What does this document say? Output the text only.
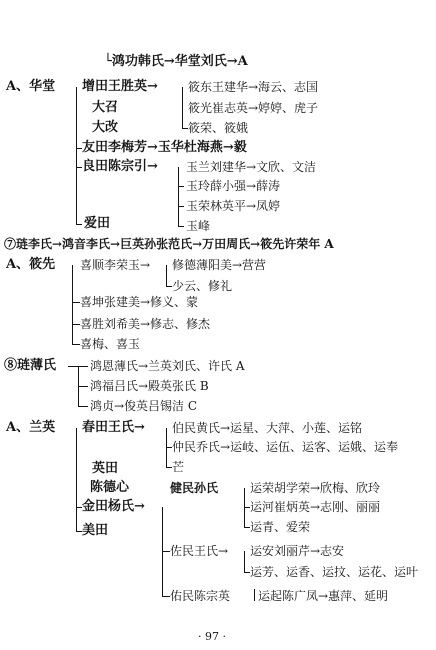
└鸿功韩氏→华堂刘氏→A
A、华堂 增田王胜英→
大召
大改
友田李梅芳→玉华杜海燕→毅
良田陈宗引→
爱田
筱东王建华→海云、志国
筱光崔志英→婷婷、虎子
筱荣、筱娥
玉兰刘建华→文欣、文洁
玉玲薛小强→薛涛
玉荣林英平→凤婷
玉峰
⑦琏李氏→鸿音李氏→巨英孙张范氏→万田周氏→筱先许荣年 A
A、筱先 喜顺李荣玉→
喜坤张建美→修义、蒙
喜胜刘希美→修志、修杰
喜梅、喜玉
修德薄阳美→营营
少云、修礼
⑧琏薄氏	鸿恩薄氏→兰英刘氏、许氏 A
鸿福吕氏→殿英张氏 B
鸿贞→俊英吕锡洁 C
A、兰英 春田王氏→
英田
陈德心
金田杨氏→
美田
伯民黄氏→运星、大萍、小莲、运铭
仲民乔氏→运岐、运伍、运客、运娥、运奉
芒
健民孙氏
佐民王氏→
佑民陈宗英
运荣胡学荣→欣梅、欣玲
运河崔炳英→志刚、丽丽
运青、爱荣
运安刘丽芹→志安
运芳、运香、运抆、运花、运叶
运起陈广凤→惠萍、延明
· 97 ·
